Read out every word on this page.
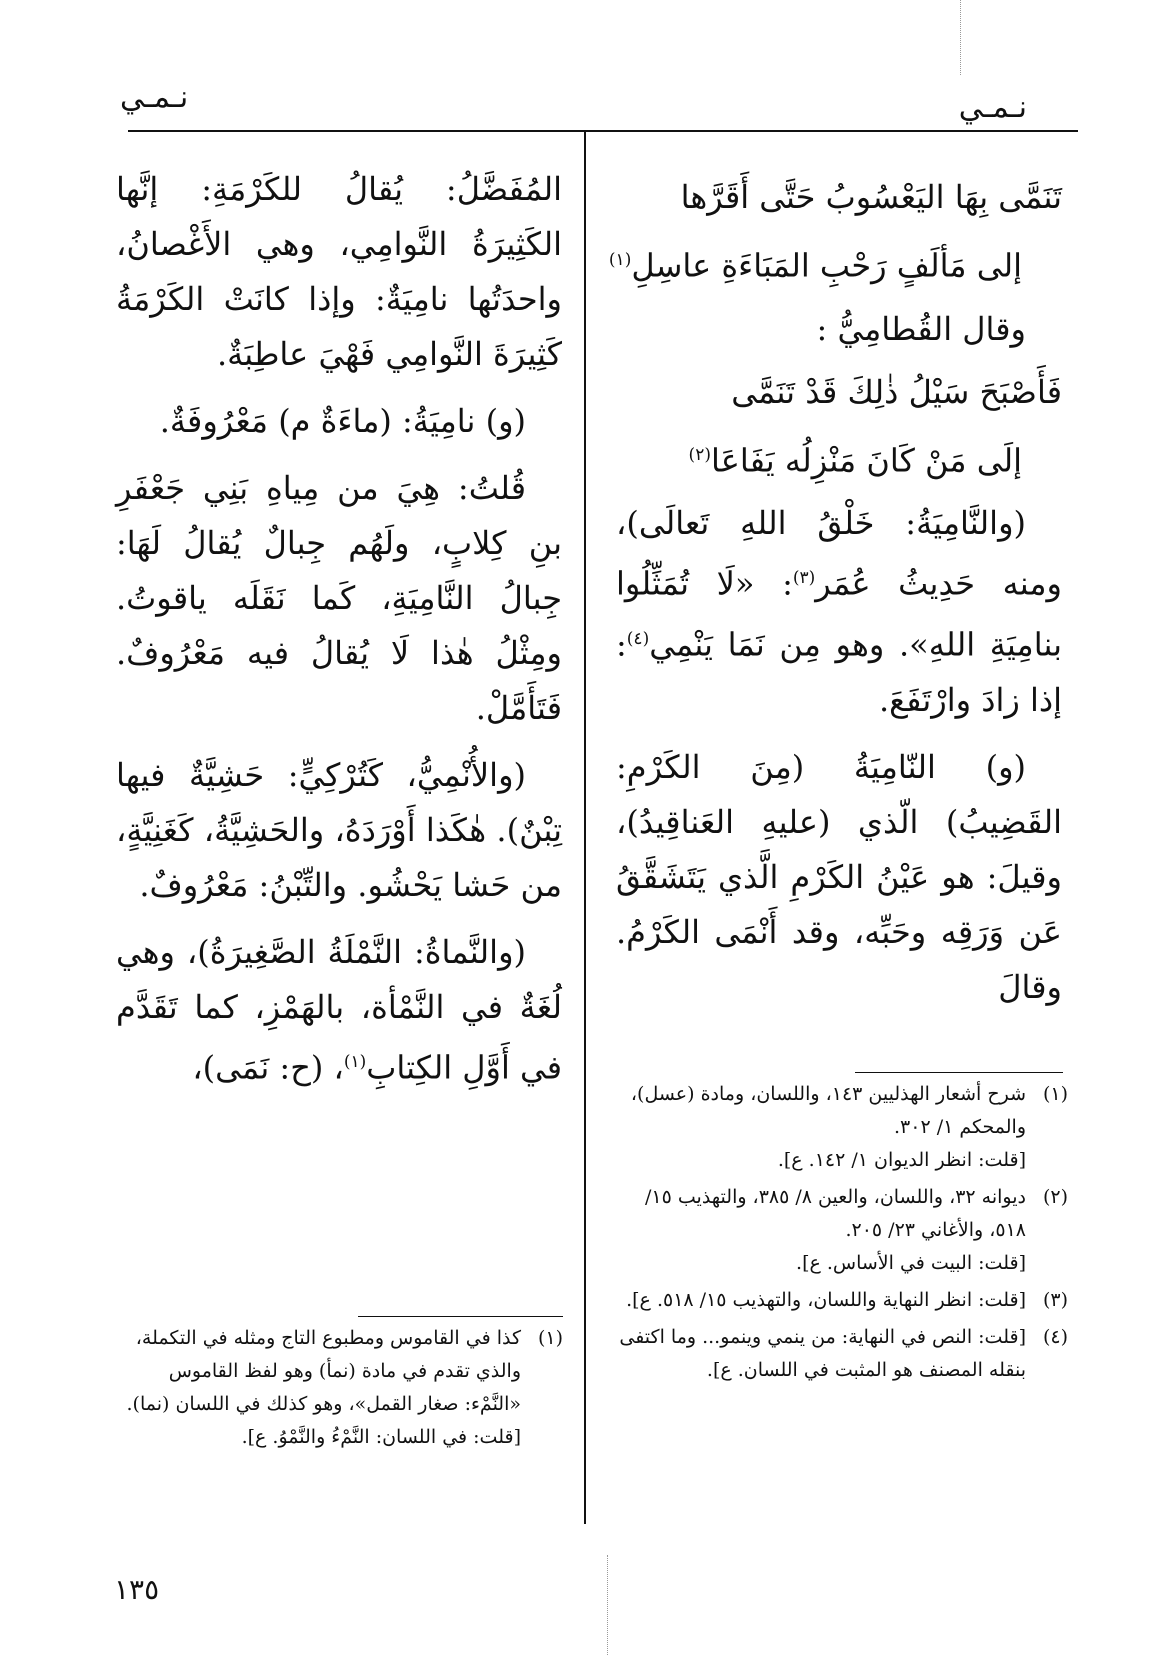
نـمـي	نـمـي

تَنَمَّى بِهَا اليَعْسُوبُ حَتَّى أَقَرَّها

إلى مَألَفٍ رَحْبِ المَبَاءَةِ عاسِلِ$^{(١)}$

وقال القُطامِيُّ :

فَأَصْبَحَ سَيْلُ ذٰلِكَ قَدْ تَنَمَّى

إلَى مَنْ كَانَ مَنْزِلُه يَفَاعَا$^{(٢)}$

(والنَّامِيَةُ: خَلْقُ اللهِ تَعالَى)، ومنه حَدِيثُ عُمَر$^{(٣)}$: «لَا تُمَثِّلُوا بنامِيَةِ اللهِ». وهو مِن نَمَا يَنْمِي$^{(٤)}$: إذا زادَ وارْتَفَعَ.

(و) النّامِيَةُ (مِنَ الكَرْمِ: القَضِيبُ) الّذي (عليهِ العَناقِيدُ)، وقيلَ: هو عَيْنُ الكَرْمِ الَّذي يَتَشَقَّقُ عَن وَرَقِه وحَبِّه، وقد أَنْمَى الكَرْمُ. وقالَ

المُفَضَّلُ: يُقالُ للكَرْمَةِ: إنَّها الكَثِيرَةُ النَّوامِي، وهي الأَغْصانُ، واحدَتُها نامِيَةٌ: وإذا كانَتْ الكَرْمَةُ كَثِيرَةَ النَّوامِي فَهْيَ عاطِبَةٌ.

(و) نامِيَةُ: (ماءَةٌ م) مَعْرُوفَةٌ.

قُلتُ: هِيَ من مِياهِ بَنِي جَعْفَرِ بنِ كِلابٍ، ولَهُم جِبالٌ يُقالُ لَهَا: جِبالُ النَّامِيَةِ، كَما نَقَلَه ياقوتُ. ومِثْلُ هٰذا لَا يُقالُ فيه مَعْرُوفٌ. فَتَأَمَّلْ.

(والأُنْمِيُّ، كَتُرْكِيٍّ: حَشِيَّةٌ فيها تِبْنٌ). هٰكَذا أَوْرَدَهُ، والحَشِيَّةُ، كَغَنِيَّةٍ، من حَشا يَحْشُو. والتِّبْنُ: مَعْرُوفٌ.

(والنَّماةُ: النَّمْلَةُ الصَّغِيرَةُ)، وهي لُغَةٌ في النَّمْأة، بالهَمْزِ، كما تَقَدَّم في أَوَّلِ الكِتابِ$^{(١)}$، (ح: نَمَى)،

(١)
شرح أشعار الهذليين ١٤٣، واللسان، ومادة (عسل)، والمحكم ١/ ٣٠٢.
[قلت: انظر الديوان ١/ ١٤٢. ع].
(٢)
ديوانه ٣٢، واللسان، والعين ٨/ ٣٨٥، والتهذيب ١٥/ ٥١٨، والأغاني ٢٣/ ٢٠٥.
[قلت: البيت في الأساس. ع].
(٣)
[قلت: انظر النهاية واللسان، والتهذيب ١٥/ ٥١٨. ع].
(٤)
[قلت: النص في النهاية: من ينمي وينمو... وما اكتفى بنقله المصنف هو المثبت في اللسان. ع].
(١)
كذا في القاموس ومطبوع التاج ومثله في التكملة، والذي تقدم في مادة (نمأ) وهو لفظ القاموس «النَّمْء: صغار القمل»، وهو كذلك في اللسان (نما). [قلت: في اللسان: النَّمْءُ والنَّمْوُ. ع].
١٣٥
